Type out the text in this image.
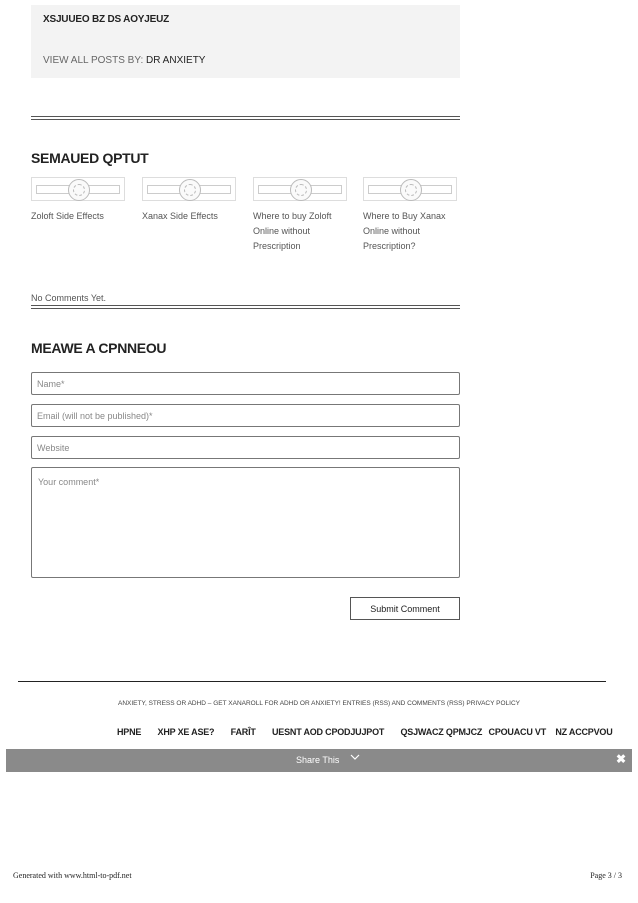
XSJUUEO BZ DS AOYJEUZ
VIEW ALL POSTS BY: DR ANXIETY
SEMAUED QPTUT
Zoloft Side Effects	Xanax Side Effects	Where to buy Zoloft Online without Prescription
Where to Buy Xanax Online without Prescription?
No Comments Yet.
MEAWE A CPNNEOU
Name*
Email (will not be published)*
Website
Your comment*
Submit Comment
ANXIETY, STRESS OR ADHD – GET XANAROLL FOR ADHD OR ANXIETY! ENTRIES (RSS) AND COMMENTS (RSS) PRIVACY POLICY
HPNE XHP XE ASE? FARÎT UESNT AOD CPODJUJPOT QSJWACZ QPMJCZ CPOUACU VT NZ ACCPVOU
Share This	✖
Generated with www.html-to-pdf.net	Page 3 / 3
